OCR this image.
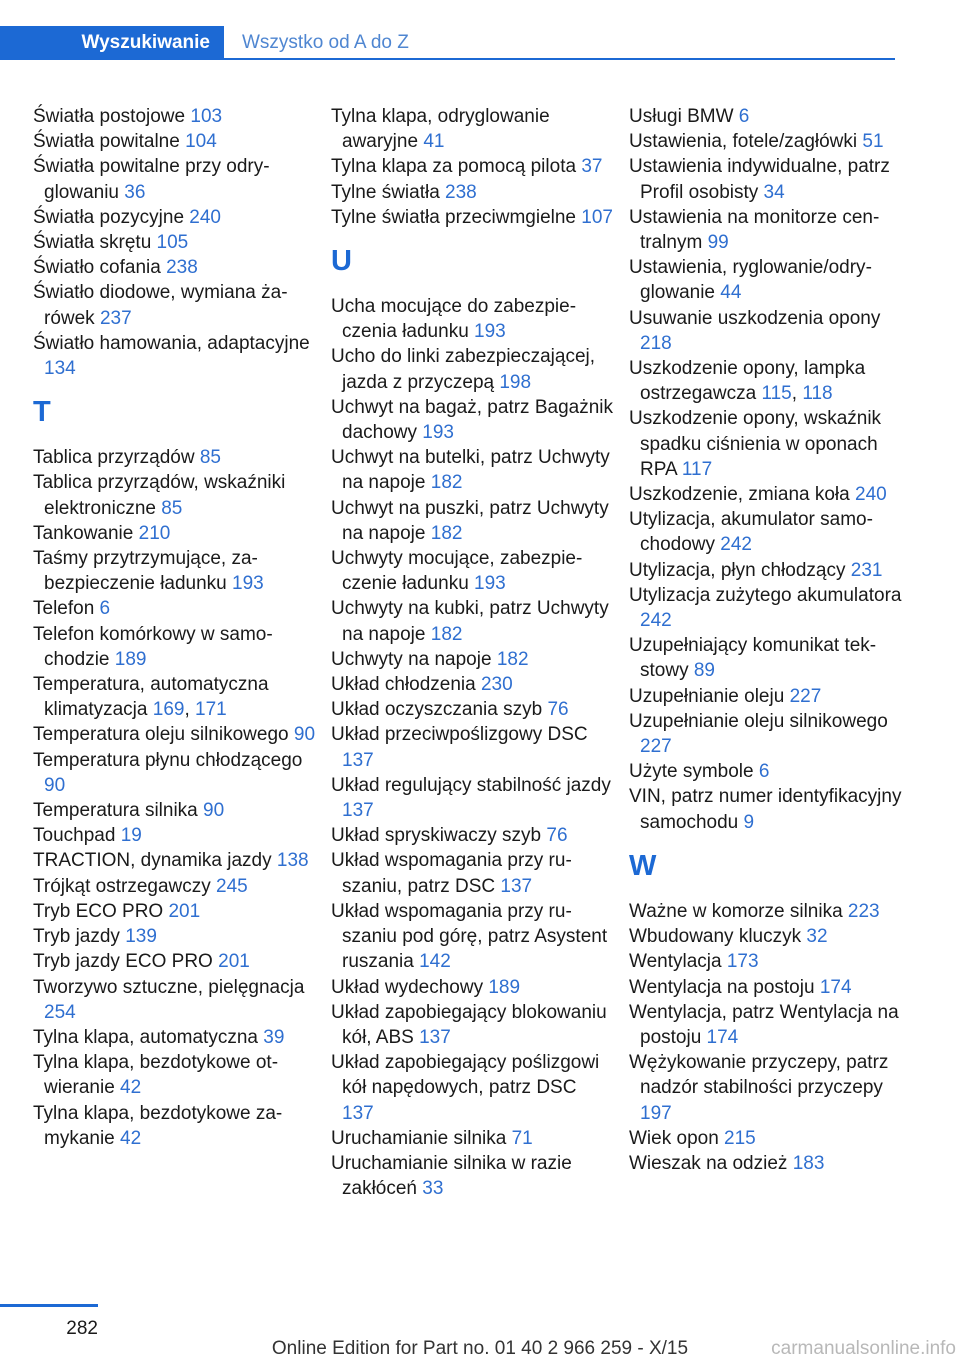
Wyszukiwanie	Wszystko od A do Z

Światła postojowe 103

Światła powitalne 104

Światła powitalne przy odryglowaniu 36

Światła pozycyjne 240

Światła skrętu 105

Światło cofania 238

Światło diodowe, wymiana żarówek 237

Światło hamowania, adaptacyjne 134

T

Tablica przyrządów 85

Tablica przyrządów, wskaźniki elektroniczne 85

Tankowanie 210

Taśmy przytrzymujące, zabezpieczenie ładunku 193

Telefon 6

Telefon komórkowy w samochodzie 189

Temperatura, automatyczna klimatyzacja 169, 171

Temperatura oleju silnikowego 90

Temperatura płynu chłodzącego 90

Temperatura silnika 90

Touchpad 19

TRACTION, dynamika jazdy 138

Trójkąt ostrzegawczy 245

Tryb ECO PRO 201

Tryb jazdy 139

Tryb jazdy ECO PRO 201

Tworzywo sztuczne, pielęgnacja 254

Tylna klapa, automatyczna 39

Tylna klapa, bezdotykowe otwieranie 42

Tylna klapa, bezdotykowe zamykanie 42

Tylna klapa, odryglowanie awaryjne 41

Tylna klapa za pomocą pilota 37

Tylne światła 238

Tylne światła przeciwmgielne 107

U

Ucha mocujące do zabezpieczenia ładunku 193

Ucho do linki zabezpieczającej, jazda z przyczepą 198

Uchwyt na bagaż, patrz Bagażnik dachowy 193

Uchwyt na butelki, patrz Uchwyty na napoje 182

Uchwyt na puszki, patrz Uchwyty na napoje 182

Uchwyty mocujące, zabezpieczenie ładunku 193

Uchwyty na kubki, patrz Uchwyty na napoje 182

Uchwyty na napoje 182

Układ chłodzenia 230

Układ oczyszczania szyb 76

Układ przeciwpoślizgowy DSC 137

Układ regulujący stabilność jazdy 137

Układ spryskiwaczy szyb 76

Układ wspomagania przy ruszaniu, patrz DSC 137

Układ wspomagania przy ruszaniu pod górę, patrz Asystent ruszania 142

Układ wydechowy 189

Układ zapobiegający blokowaniu kół, ABS 137

Układ zapobiegający poślizgowi kół napędowych, patrz DSC 137

Uruchamianie silnika 71

Uruchamianie silnika w razie zakłóceń 33

Usługi BMW 6

Ustawienia, fotele/​zagłówki 51

Ustawienia indywidualne, patrz Profil osobisty 34

Ustawienia na monitorze centralnym 99

Ustawienia, ryglowanie/odryglowanie 44

Usuwanie uszkodzenia opony 218

Uszkodzenie opony, lampka ostrzegawcza 115, 118

Uszkodzenie opony, wskaźnik spadku ciśnienia w oponach RPA 117

Uszkodzenie, zmiana koła 240

Utylizacja, akumulator samochodowy 242

Utylizacja, płyn chłodzący 231

Utylizacja zużytego akumulatora 242

Uzupełniający komunikat tekstowy 89

Uzupełnianie oleju 227

Uzupełnianie oleju silnikowego 227

Użyte symbole 6

VIN, patrz numer identyfikacyjny samochodu 9

W

Ważne w komorze silnika 223

Wbudowany kluczyk 32

Wentylacja 173

Wentylacja na postoju 174

Wentylacja, patrz Wentylacja na postoju 174

Wężykowanie przyczepy, patrz nadzór stabilności przyczepy 197

Wiek opon 215

Wieszak na odzież 183

282
Online Edition for Part no. 01 40 2 966 259 - X/15	carmanualsonline.info
